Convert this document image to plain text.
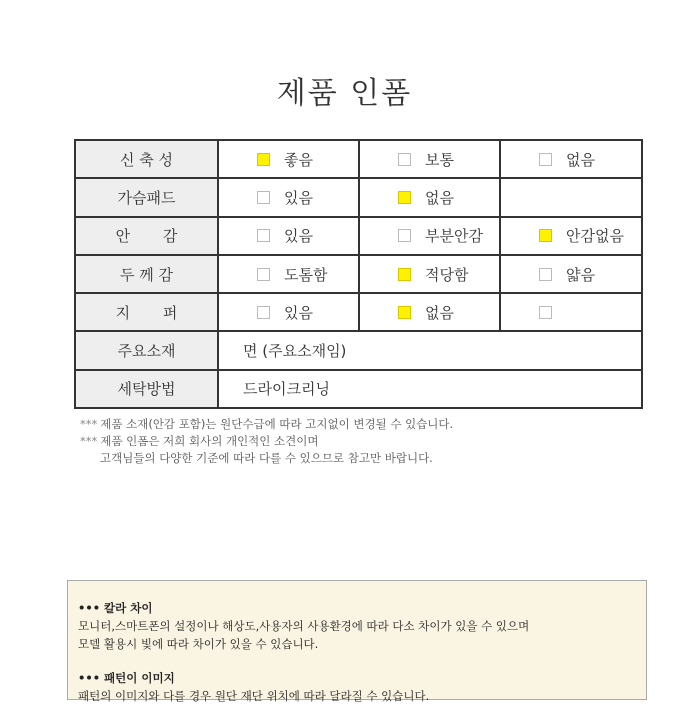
제품 인폼
신 축 성	좋음	보통	없음
가슴패드	있음	없음	
안 감	있음	부분안감	안감없음
두 께 감	도톰함	적당함	얇음
지 퍼	있음	없음	
주요소재	면 (주요소재임)		
세탁방법	드라이크리닝		
*** 제품 소재(안감 포함)는 원단수급에 따라 고지없이 변경될 수 있습니다.
*** 제품 인폼은 저희 회사의 개인적인 소견이며
고객님들의 다양한 기준에 따라 다를 수 있으므로 참고만 바랍니다.
••• 칼라 차이
모니터,스마트폰의 설정이나 해상도,사용자의 사용환경에 따라 다소 차이가 있을 수 있으며
모델 활용시 빛에 따라 차이가 있을 수 있습니다.
••• 패턴이 이미지
패턴의 이미지와 다를 경우 원단 재단 위치에 따라 달라질 수 있습니다.
